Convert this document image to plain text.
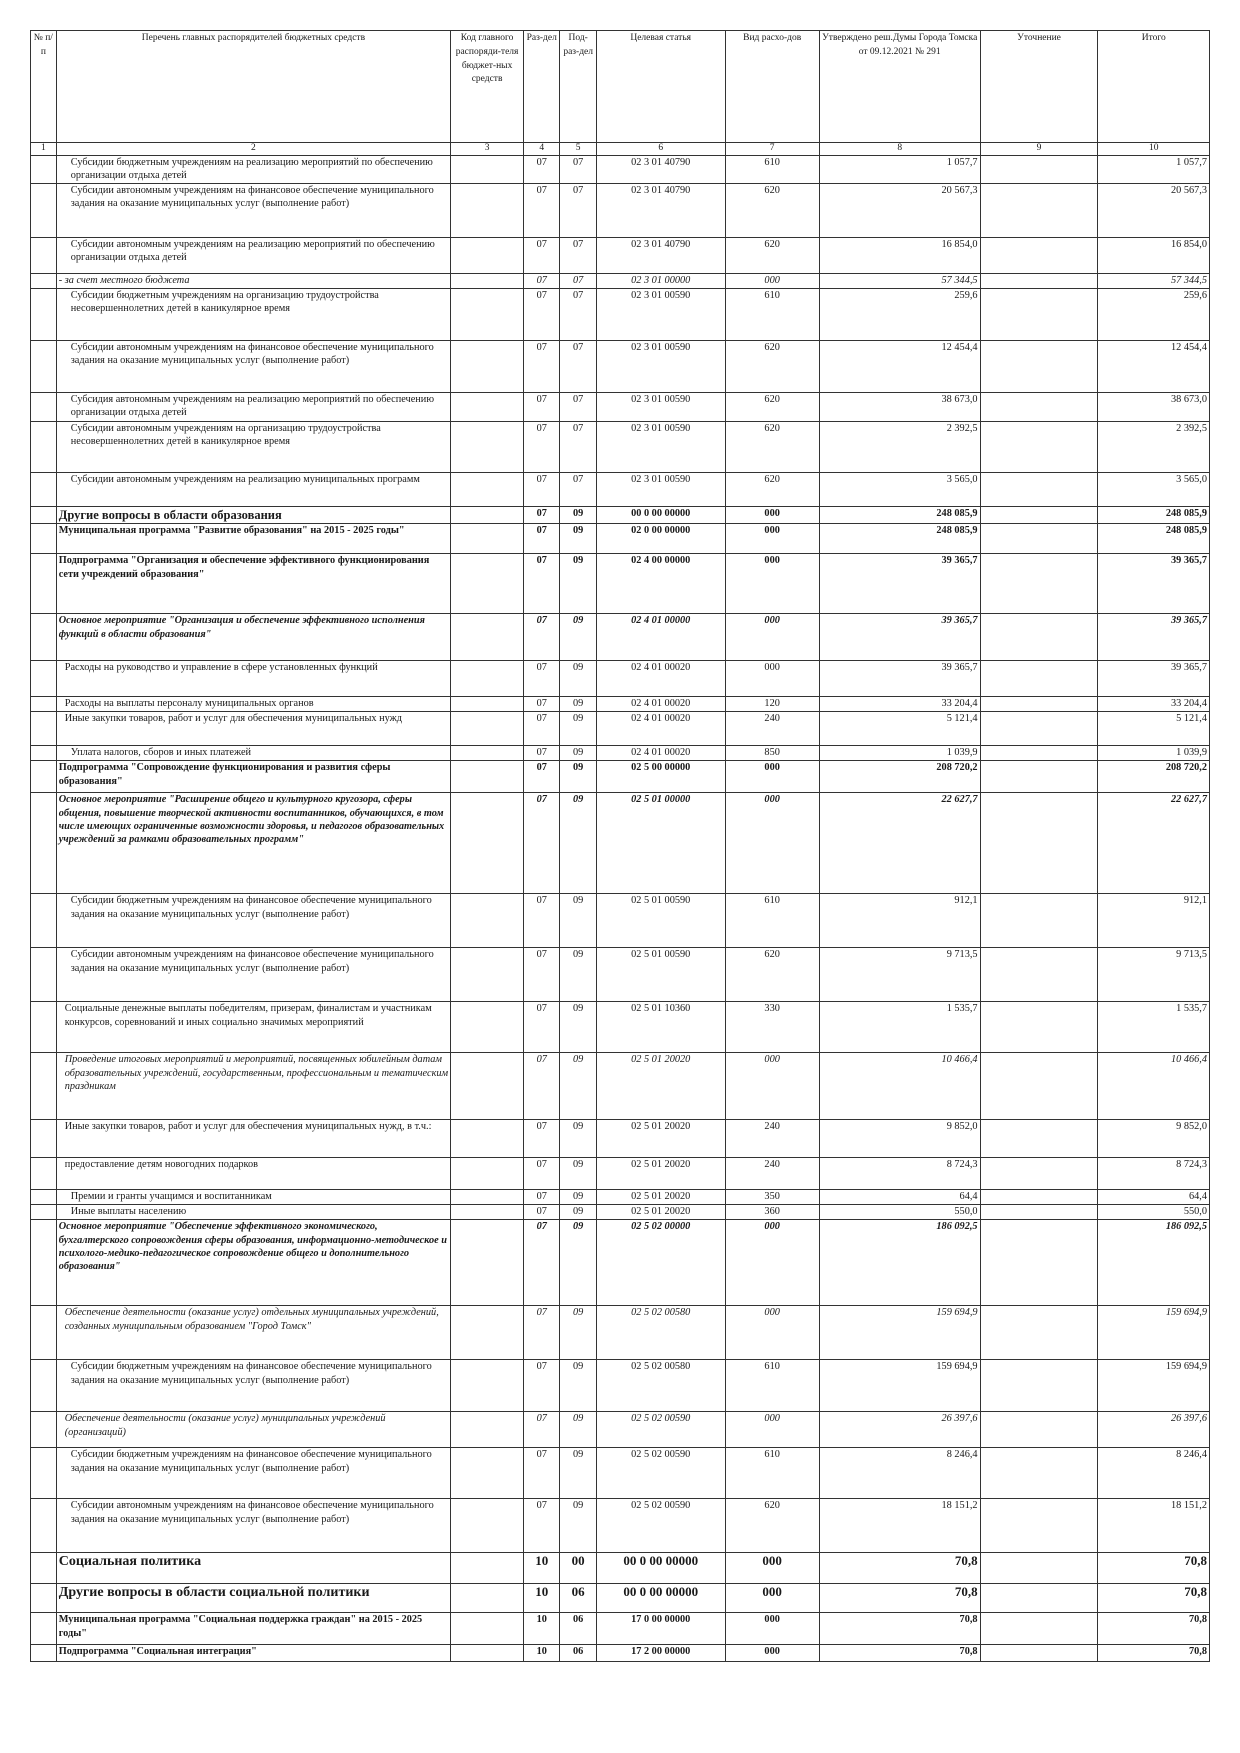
№ п/п	Перечень главных распорядителей бюджетных средств	Код главного распоряди-теля бюджет-ных средств	Раз-дел	Под-раз-дел	Целевая статья	Вид расхо-дов	Утверждено реш.Думы Города Томска от 09.12.2021 № 291	Уточнение	Итого
1	2	3	4	5	6	7	8	9	10
	Субсидии бюджетным учреждениям на реализацию мероприятий по обеспечению организации отдыха детей		07	07	02 3 01 40790	610	1 057,7		1 057,7
	Субсидии автономным учреждениям на финансовое обеспечение муниципального задания на оказание муниципальных услуг (выполнение работ)		07	07	02 3 01 40790	620	20 567,3		20 567,3
	Субсидии автономным учреждениям на реализацию мероприятий по обеспечению организации отдыха детей		07	07	02 3 01 40790	620	16 854,0		16 854,0
	- за счет местного бюджета		07	07	02 3 01 00000	000	57 344,5		57 344,5
	Субсидии бюджетным учреждениям на организацию трудоустройства несовершеннолетних детей в каникулярное время		07	07	02 3 01 00590	610	259,6		259,6
	Субсидии автономным учреждениям на финансовое обеспечение муниципального задания на оказание муниципальных услуг (выполнение работ)		07	07	02 3 01 00590	620	12 454,4		12 454,4
	Субсидия автономным учреждениям на реализацию мероприятий по обеспечению организации отдыха детей		07	07	02 3 01 00590	620	38 673,0		38 673,0
	Субсидии автономным учреждениям на организацию трудоустройства несовершеннолетних детей в каникулярное время		07	07	02 3 01 00590	620	2 392,5		2 392,5
	Субсидии автономным учреждениям на реализацию муниципальных программ		07	07	02 3 01 00590	620	3 565,0		3 565,0
	Другие вопросы в области образования		07	09	00 0 00 00000	000	248 085,9		248 085,9
	Муниципальная программа "Развитие образования" на 2015 - 2025 годы"		07	09	02 0 00 00000	000	248 085,9		248 085,9
	Подпрограмма "Организация и обеспечение эффективного функционирования сети учреждений образования"		07	09	02 4 00 00000	000	39 365,7		39 365,7
	Основное мероприятие "Организация и обеспечение эффективного исполнения функций в области образования"		07	09	02 4 01 00000	000	39 365,7		39 365,7
	Расходы на руководство и управление в сфере установленных функций		07	09	02 4 01 00020	000	39 365,7		39 365,7
	Расходы на выплаты персоналу муниципальных органов		07	09	02 4 01 00020	120	33 204,4		33 204,4
	Иные закупки товаров, работ и услуг для обеспечения муниципальных нужд		07	09	02 4 01 00020	240	5 121,4		5 121,4
	Уплата налогов, сборов и иных платежей		07	09	02 4 01 00020	850	1 039,9		1 039,9
	Подпрограмма "Сопровождение функционирования и развития сферы образования"		07	09	02 5 00 00000	000	208 720,2		208 720,2
	Основное мероприятие "Расширение общего и культурного кругозора, сферы общения, повышение творческой активности воспитанников, обучающихся, в том числе имеющих ограниченные возможности здоровья, и педагогов образовательных учреждений за рамками образовательных программ"		07	09	02 5 01 00000	000	22 627,7		22 627,7
	Субсидии бюджетным учреждениям на финансовое обеспечение муниципального задания на оказание муниципальных услуг (выполнение работ)		07	09	02 5 01 00590	610	912,1		912,1
	Субсидии автономным учреждениям на финансовое обеспечение муниципального задания на оказание муниципальных услуг (выполнение работ)		07	09	02 5 01 00590	620	9 713,5		9 713,5
	Социальные денежные выплаты победителям, призерам, финалистам и участникам конкурсов, соревнований и иных социально значимых мероприятий		07	09	02 5 01 10360	330	1 535,7		1 535,7
	Проведение итоговых мероприятий и мероприятий, посвященных юбилейным датам образовательных учреждений, государственным, профессиональным и тематическим праздникам		07	09	02 5 01 20020	000	10 466,4		10 466,4
	Иные закупки товаров, работ и услуг для обеспечения муниципальных нужд, в т.ч.:		07	09	02 5 01 20020	240	9 852,0		9 852,0
	предоставление детям новогодних подарков		07	09	02 5 01 20020	240	8 724,3		8 724,3
	Премии и гранты учащимся и воспитанникам		07	09	02 5 01 20020	350	64,4		64,4
	Иные выплаты населению		07	09	02 5 01 20020	360	550,0		550,0
	Основное мероприятие "Обеспечение эффективного экономического, бухгалтерского сопровождения сферы образования, информационно-методическое и психолого-медико-педагогическое сопровождение общего и дополнительного образования"		07	09	02 5 02 00000	000	186 092,5		186 092,5
	Обеспечение деятельности (оказание услуг) отдельных муниципальных учреждений, созданных муниципальным образованием "Город Томск"		07	09	02 5 02 00580	000	159 694,9		159 694,9
	Субсидии бюджетным учреждениям на финансовое обеспечение муниципального задания на оказание муниципальных услуг (выполнение работ)		07	09	02 5 02 00580	610	159 694,9		159 694,9
	Обеспечение деятельности (оказание услуг) муниципальных учреждений (организаций)		07	09	02 5 02 00590	000	26 397,6		26 397,6
	Субсидии бюджетным учреждениям на финансовое обеспечение муниципального задания на оказание муниципальных услуг (выполнение работ)		07	09	02 5 02 00590	610	8 246,4		8 246,4
	Субсидии автономным учреждениям на финансовое обеспечение муниципального задания на оказание муниципальных услуг (выполнение работ)		07	09	02 5 02 00590	620	18 151,2		18 151,2
	Социальная политика		10	00	00 0 00 00000	000	70,8		70,8
	Другие вопросы в области социальной политики		10	06	00 0 00 00000	000	70,8		70,8
	Муниципальная программа "Социальная поддержка граждан" на 2015 - 2025 годы"		10	06	17 0 00 00000	000	70,8		70,8
	Подпрограмма "Социальная интеграция"		10	06	17 2 00 00000	000	70,8		70,8
